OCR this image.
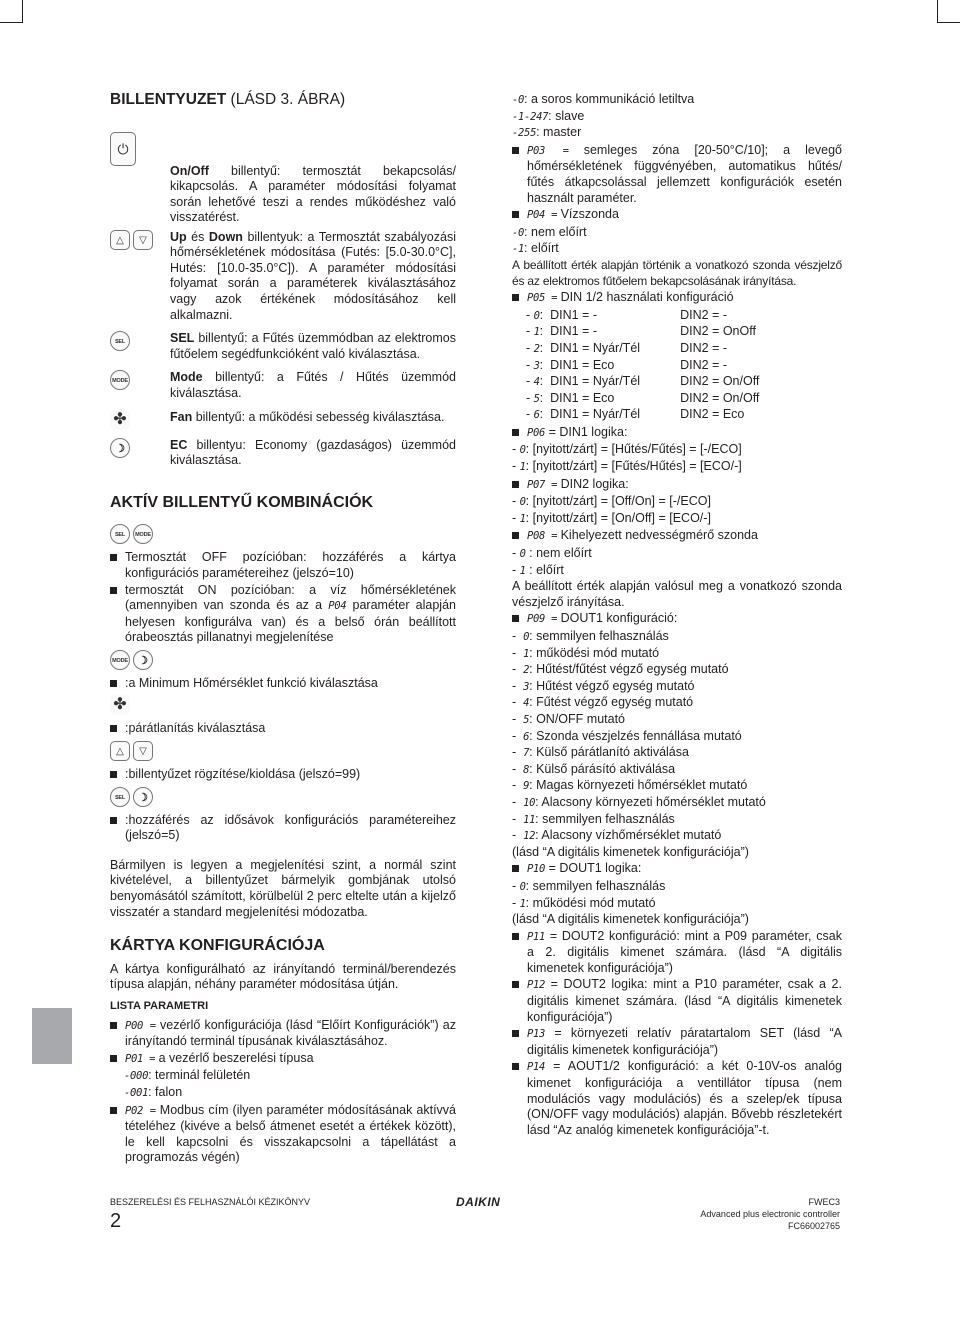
BILLENTYUZET (LÁSD 3. ÁBRA)
⏻
On/Off billentyű: termosztát bekapcsolás/ kikapcsolás. A paraméter módosítási folyamat során lehetővé teszi a rendes működéshez való visszatérést.
△ ▽	Up és Down billentyuk: a Termosztát szabályozási hőmérsékletének módosítása (Futés: [5.0-30.0°C], Hutés: [10.0-35.0°C]). A paraméter módosítási folyamat során a paraméterek kiválasztásához vagy azok értékének módosításához kell alkalmazni.
SEL	SEL billentyű: a Fűtés üzemmódban az elektromos fűtőelem segédfunkcióként való kiválasztása.
MODE	Mode billentyű: a Fűtés / Hűtés üzemmód kiválasztása.
✤	Fan billentyű: a működési sebesség kiválasztása.
☽	EC billentyu: Economy (gazdaságos) üzemmód kiválasztása.
AKTÍV BILLENTYŰ KOMBINÁCIÓK
SEL	MODE
Termosztát OFF pozícióban: hozzáférés a kártya konfigurációs paramétereihez (jelszó=10)
termosztát ON pozícióban: a víz hőmérsékletének (amennyiben van szonda és az a P04 paraméter alapján helyesen konfigurálva van) és a belső órán beállított órabeosztás pillanatnyi megjelenítése
MODE ☽
:a Minimum Hőmérséklet funkció kiválasztása
✤
:párátlanítás kiválasztása
△	▽
:billentyűzet rögzítése/kioldása (jelszó=99)
SEL	☽
:hozzáférés az idősávok konfigurációs paramétereihez (jelszó=5)

Bármilyen is legyen a megjelenítési szint, a normál szint kivételével, a billentyűzet bármelyik gombjának utolsó benyomásától számított, körülbelül 2 perc eltelte után a kijelző visszatér a standard megjelenítési módozatba.

KÁRTYA KONFIGURÁCIÓJA

A kártya konfigurálható az irányítandó terminál/berendezés típusa alapján, néhány paraméter módosítása útján.

LISTA PARAMETRI
P00 = vezérlő konfigurációja (lásd “Előírt Konfigurációk”) az irányítandó terminál típusának kiválasztásához.
P01 = a vezérlő beszerelési típusa
-000: terminál felületén
-001: falon
P02 = Modbus cím (ilyen paraméter módosításának aktívvá tételéhez (kivéve a belső átmenet esetét a értékek között), le kell kapcsolni és visszakapcsolni a tápellátást a programozás végén)
-0: a soros kommunikáció letiltva
-1-247: slave
-255: master
P03 = semleges zóna [20-50°C/10]; a levegő hőmérsékletének függvényében, automatikus hűtés/ fűtés átkapcsolással jellemzett konfigurációk esetén használt paraméter.
P04 = Vízszonda
-0: nem előírt
-1: előírt
A beállított érték alapján történik a vonatkozó szonda vészjelző és az elektromos fűtőelem bekapcsolásának irányítása.
P05 = DIN 1/2 használati konfiguráció
- 0:  DIN1 = -	DIN2 = -
- 1:  DIN1 = -	DIN2 = OnOff
- 2:  DIN1 = Nyár/Tél	DIN2 = -
- 3:  DIN1 = Eco	DIN2 = -
- 4:  DIN1 = Nyár/Tél	DIN2 = On/Off
- 5:  DIN1 = Eco	DIN2 = On/Off
- 6:  DIN1 = Nyár/Tél	DIN2 = Eco
P06 = DIN1 logika:
- 0: [nyitott/zárt] = [Hűtés/Fűtés] = [-/ECO]
- 1: [nyitott/zárt] = [Fűtés/Hűtés] = [ECO/-]
P07 = DIN2 logika:
- 0: [nyitott/zárt] = [Off/On] = [-/ECO]
- 1: [nyitott/zárt] = [On/Off] = [ECO/-]
P08 = Kihelyezett nedvességmérő szonda
- 0 : nem előírt
- 1 : előírt
A beállított érték alapján valósul meg a vonatkozó szonda vészjelző irányítása.
P09 = DOUT1 konfiguráció:
-  0: semmilyen felhasználás
-  1: működési mód mutató
-  2: Hűtést/fűtést végző egység mutató
-  3: Hűtést végző egység mutató
-  4: Fűtést végző egység mutató
-  5: ON/OFF mutató
-  6: Szonda vészjelzés fennállása mutató
-  7: Külső párátlanító aktiválása
-  8: Külső párásító aktiválása
-  9: Magas környezeti hőmérséklet mutató
-  10: Alacsony környezeti hőmérséklet mutató
-  11: semmilyen felhasználás
-  12: Alacsony vízhőmérséklet mutató
(lásd “A digitális kimenetek konfigurációja”)
P10 = DOUT1 logika:
- 0: semmilyen felhasználás
- 1: működési mód mutató
(lásd “A digitális kimenetek konfigurációja”)
P11 = DOUT2 konfiguráció: mint a P09 paraméter, csak a 2. digitális kimenet számára. (lásd “A digitális kimenetek konfigurációja”)
P12 = DOUT2 logika: mint a P10 paraméter, csak a 2. digitális kimenet számára. (lásd “A digitális kimenetek konfigurációja”)
P13 = környezeti relatív páratartalom SET (lásd “A digitális kimenetek konfigurációja”)
P14 = AOUT1/2 konfiguráció: a két 0-10V-os analóg kimenet konfigurációja a ventillátor típusa (nem modulációs vagy modulációs) és a szelep/ek típusa (ON/OFF vagy modulációs) alapján. Bővebb részletekért lásd “Az analóg kimenetek konfigurációja”-t.
BESZERELÉSI ÉS FELHASZNÁLÓI KÉZIKÖNYV
2
DAIKIN	FWEC3
Advanced plus electronic controller
FC66002765
